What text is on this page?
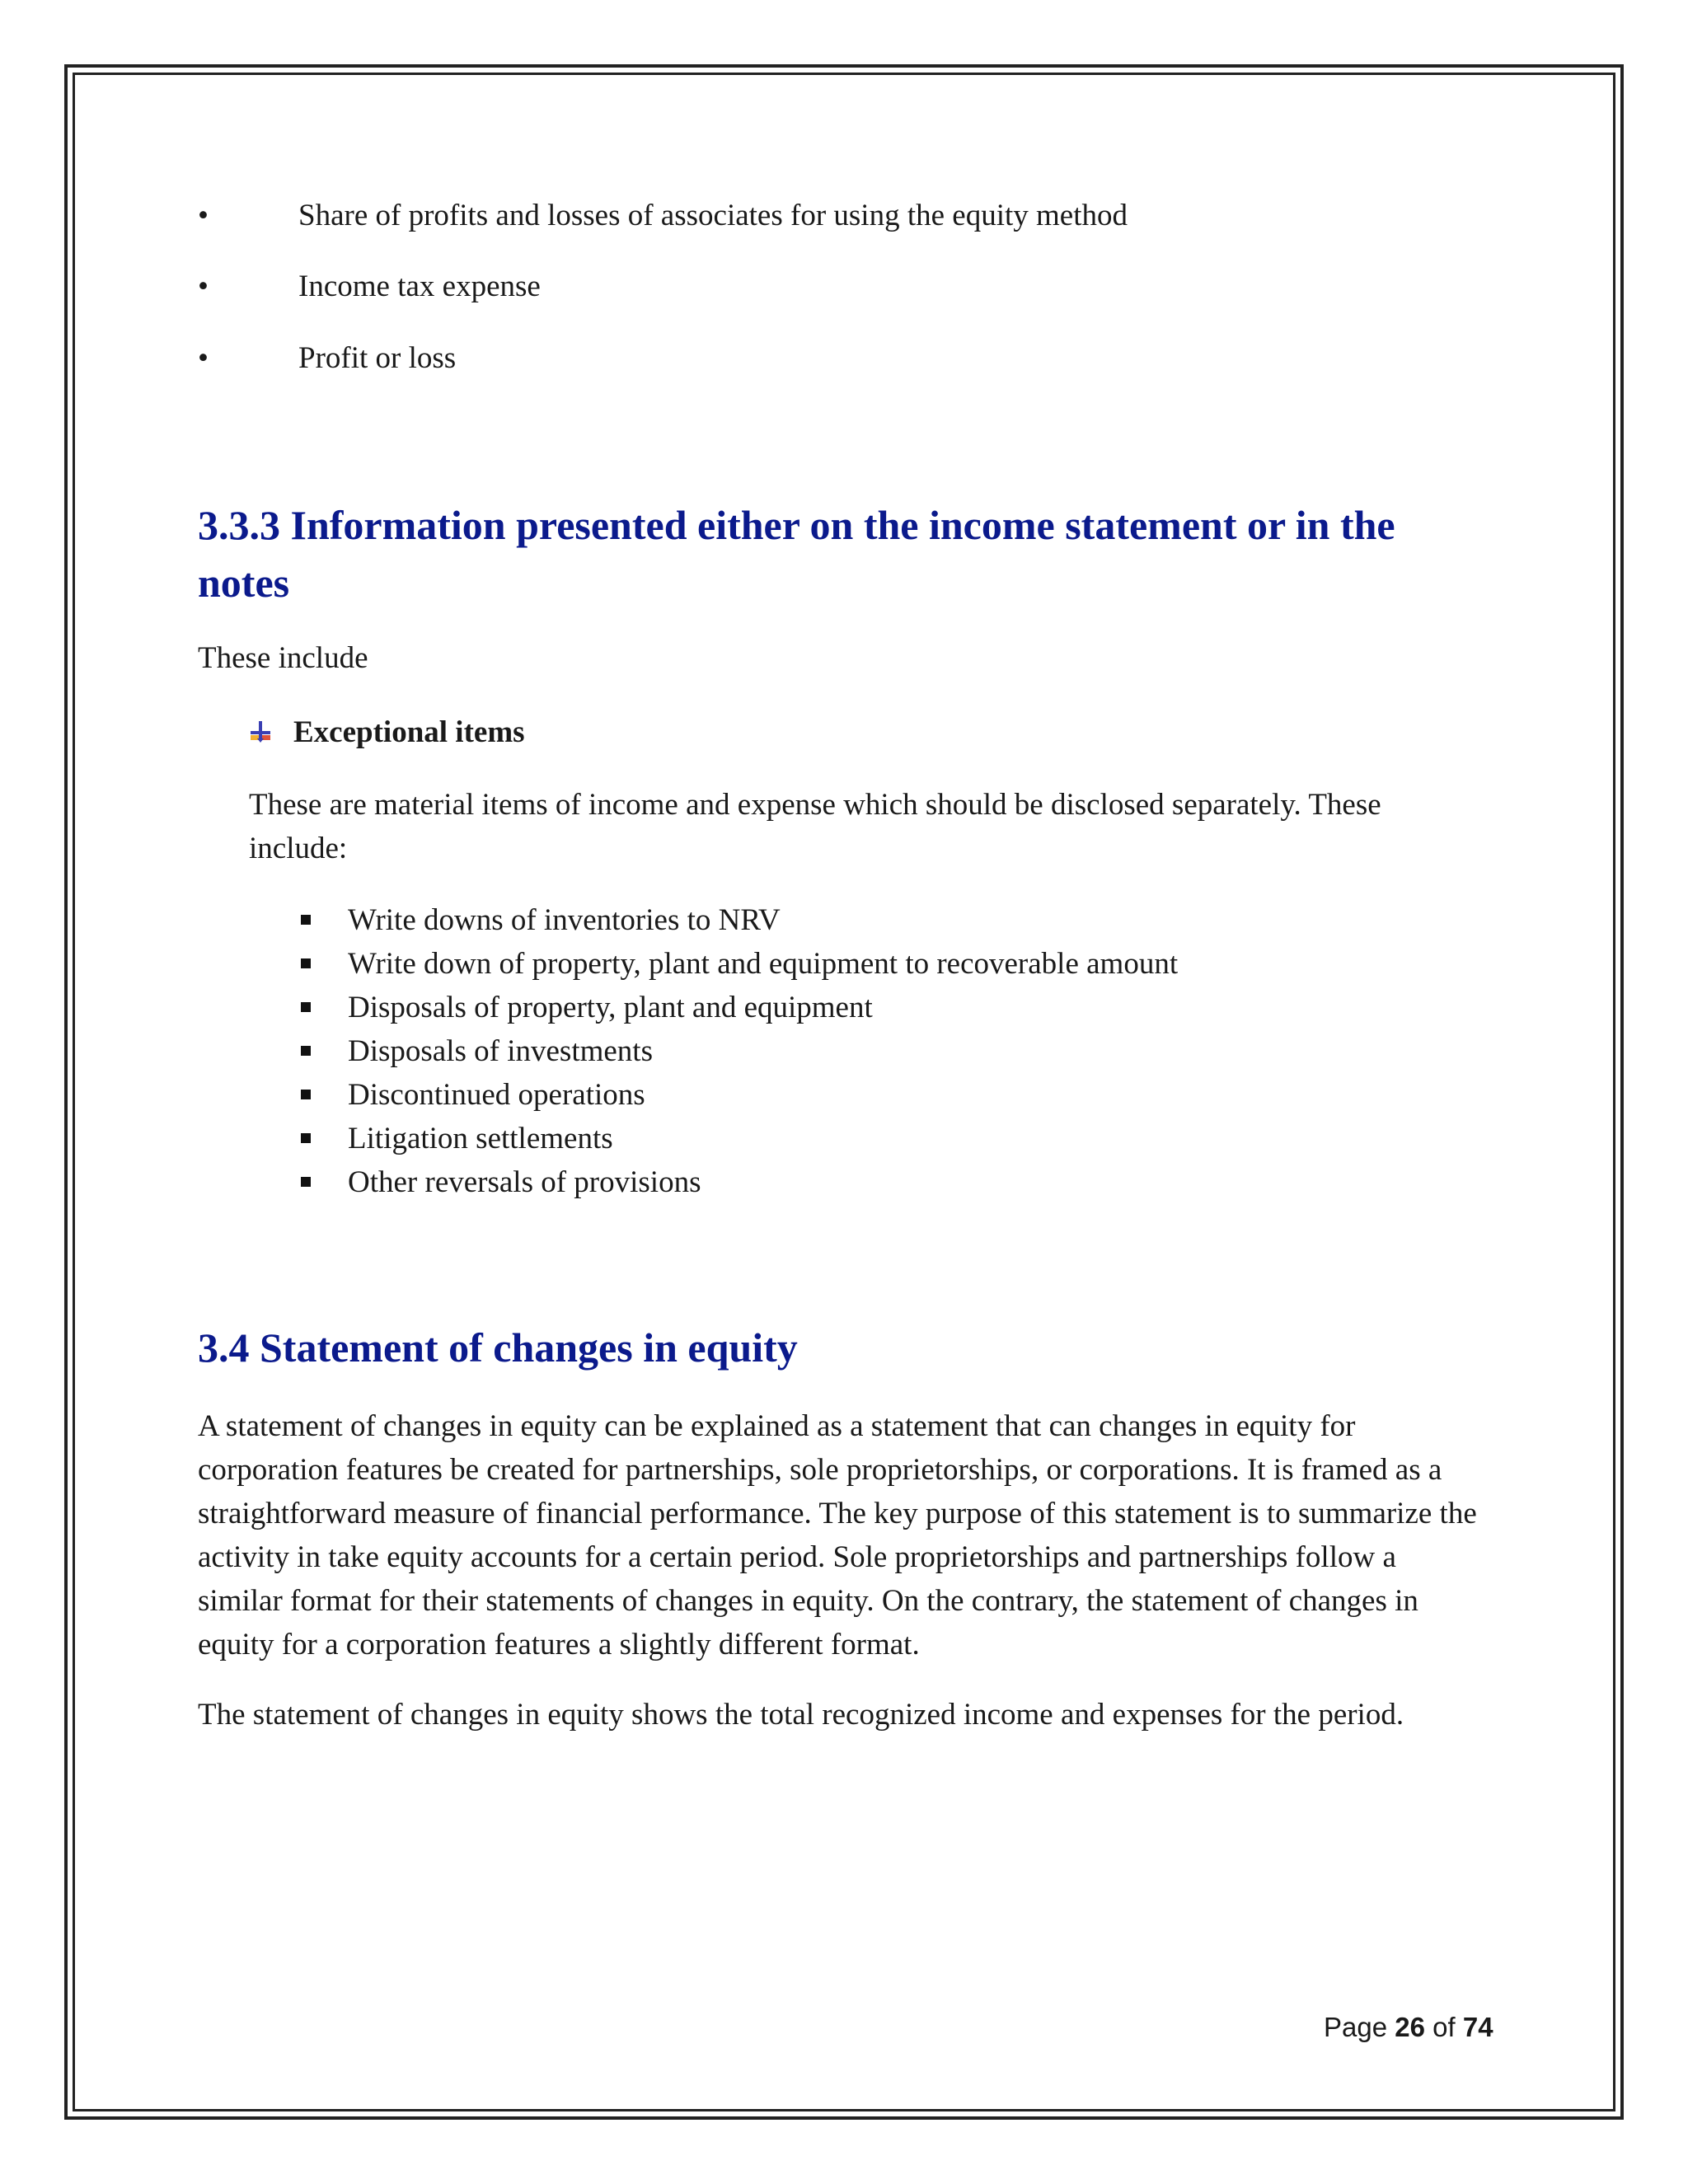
•	Share of profits and losses of associates for using the equity method
•	Income tax expense
•	Profit or loss
3.3.3 Information presented either on the income statement or in the
notes
These include
Exceptional items
These are material items of income and expense which should be disclosed separately. These include:
Write downs of inventories to NRV
Write down of property, plant and equipment to recoverable amount
Disposals of property, plant and equipment
Disposals of investments
Discontinued operations
Litigation settlements
Other reversals of provisions
3.4 Statement of changes in equity
A statement of changes in equity can be explained as a statement that can changes in equity for corporation features be created for partnerships, sole proprietorships, or corporations. It is framed as a straightforward measure of financial performance. The key purpose of this statement is to summarize the activity in take equity accounts for a certain period. Sole proprietorships and partnerships follow a similar format for their statements of changes in equity. On the contrary, the statement of changes in equity for a corporation features a slightly different format.
The statement of changes in equity shows the total recognized income and expenses for the period.
Page 26 of 74
